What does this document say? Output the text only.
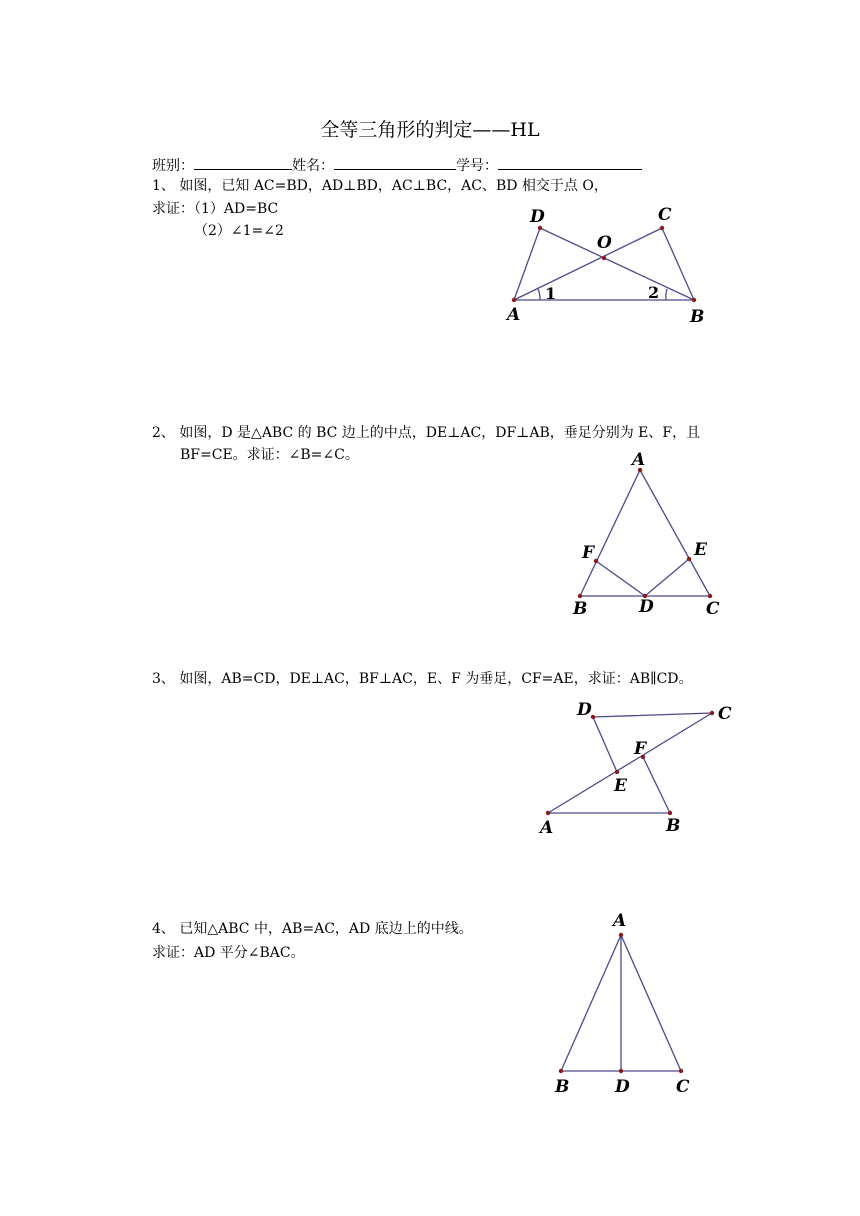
全等三角形的判定——HL
班别：	姓名：	学号：
1、 如图，已知 AC=BD，AD⊥BD，AC⊥BC，AC、BD 相交于点 O，
求证：（1）AD=BC
（2）∠1=∠2
D	C
O
A	B
1	2
2、 如图，D 是△ABC 的 BC 边上的中点，DE⊥AC，DF⊥AB，垂足分别为 E、F，且
BF=CE。求证：∠B=∠C。	A
F	E
B	D	C
3、 如图，AB=CD，DE⊥AC，BF⊥AC，E、F 为垂足，CF=AE，求证：AB∥CD。
D	C
F
E
A	B
4、 已知△ABC 中，AB=AC，AD 底边上的中线。
求证：AD 平分∠BAC。
A
B	D	C
